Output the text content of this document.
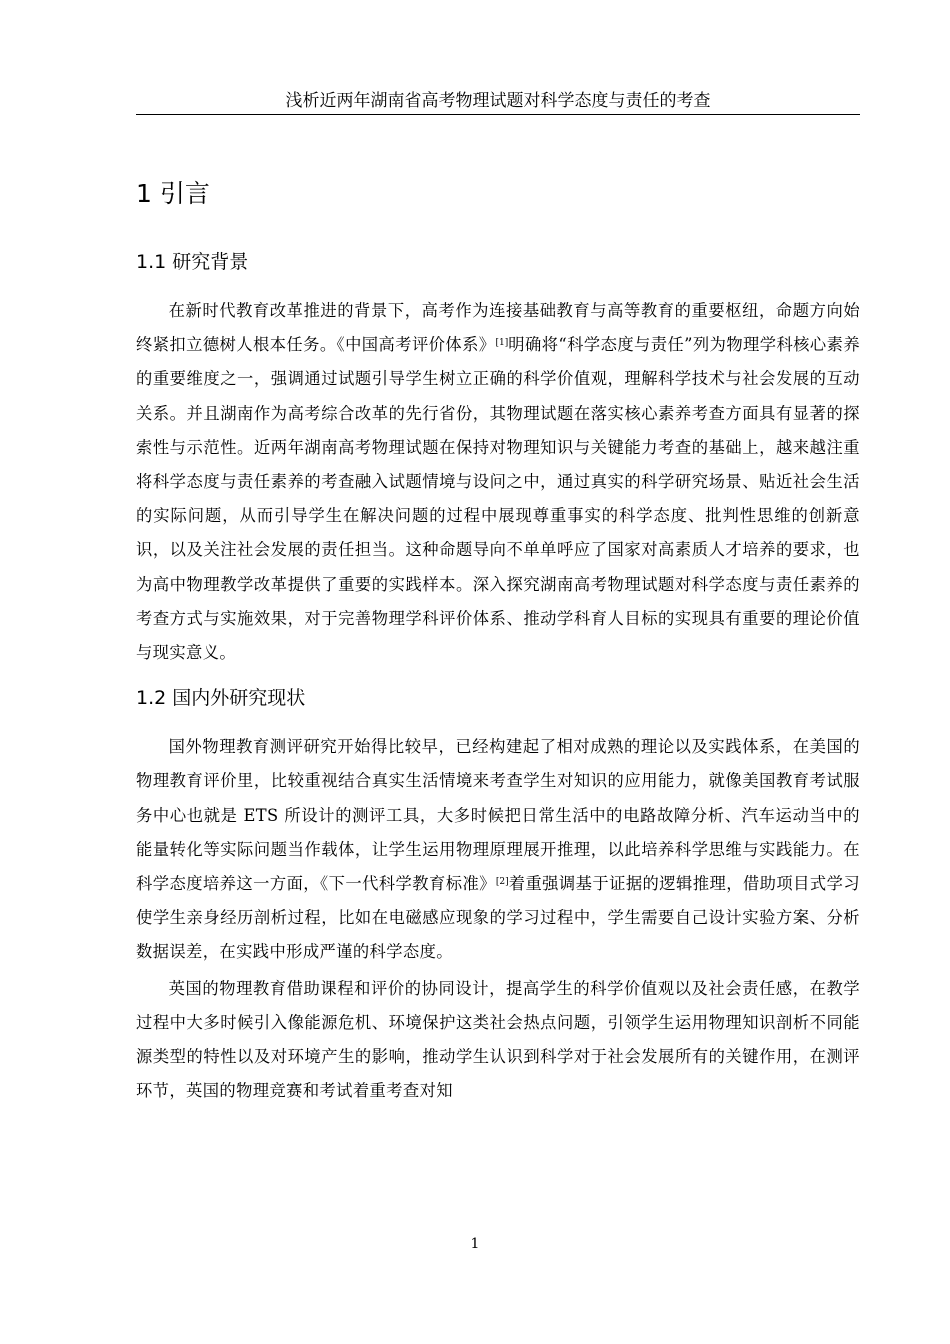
浅析近两年湖南省高考物理试题对科学态度与责任的考查
1 引言
1.1 研究背景

在新时代教育改革推进的背景下，高考作为连接基础教育与高等教育的重要枢纽，命题方向始终紧扣立德树人根本任务。《中国高考评价体系》[1]明确将“科学态度与责任”列为物理学科核心素养的重要维度之一，强调通过试题引导学生树立正确的科学价值观，理解科学技术与社会发展的互动关系。并且湖南作为高考综合改革的先行省份，其物理试题在落实核心素养考查方面具有显著的探索性与示范性。近两年湖南高考物理试题在保持对物理知识与关键能力考查的基础上，越来越注重将科学态度与责任素养的考查融入试题情境与设问之中，通过真实的科学研究场景、贴近社会生活的实际问题，从而引导学生在解决问题的过程中展现尊重事实的科学态度、批判性思维的创新意识，以及关注社会发展的责任担当。这种命题导向不单单呼应了国家对高素质人才培养的要求，也为高中物理教学改革提供了重要的实践样本。深入探究湖南高考物理试题对科学态度与责任素养的考查方式与实施效果，对于完善物理学科评价体系、推动学科育人目标的实现具有重要的理论价值与现实意义。

1.2 国内外研究现状

国外物理教育测评研究开始得比较早，已经构建起了相对成熟的理论以及实践体系，在美国的物理教育评价里，比较重视结合真实生活情境来考查学生对知识的应用能力，就像美国教育考试服务中心也就是 ETS 所设计的测评工具，大多时候把日常生活中的电路故障分析、汽车运动当中的能量转化等实际问题当作载体，让学生运用物理原理展开推理，以此培养科学思维与实践能力。在科学态度培养这一方面，《下一代科学教育标准》[2]着重强调基于证据的逻辑推理，借助项目式学习使学生亲身经历剖析过程，比如在电磁感应现象的学习过程中，学生需要自己设计实验方案、分析数据误差，在实践中形成严谨的科学态度。

英国的物理教育借助课程和评价的协同设计，提高学生的科学价值观以及社会责任感，在教学过程中大多时候引入像能源危机、环境保护这类社会热点问题，引领学生运用物理知识剖析不同能源类型的特性以及对环境产生的影响，推动学生认识到科学对于社会发展所有的关键作用，在测评环节，英国的物理竞赛和考试着重考查对知

1
